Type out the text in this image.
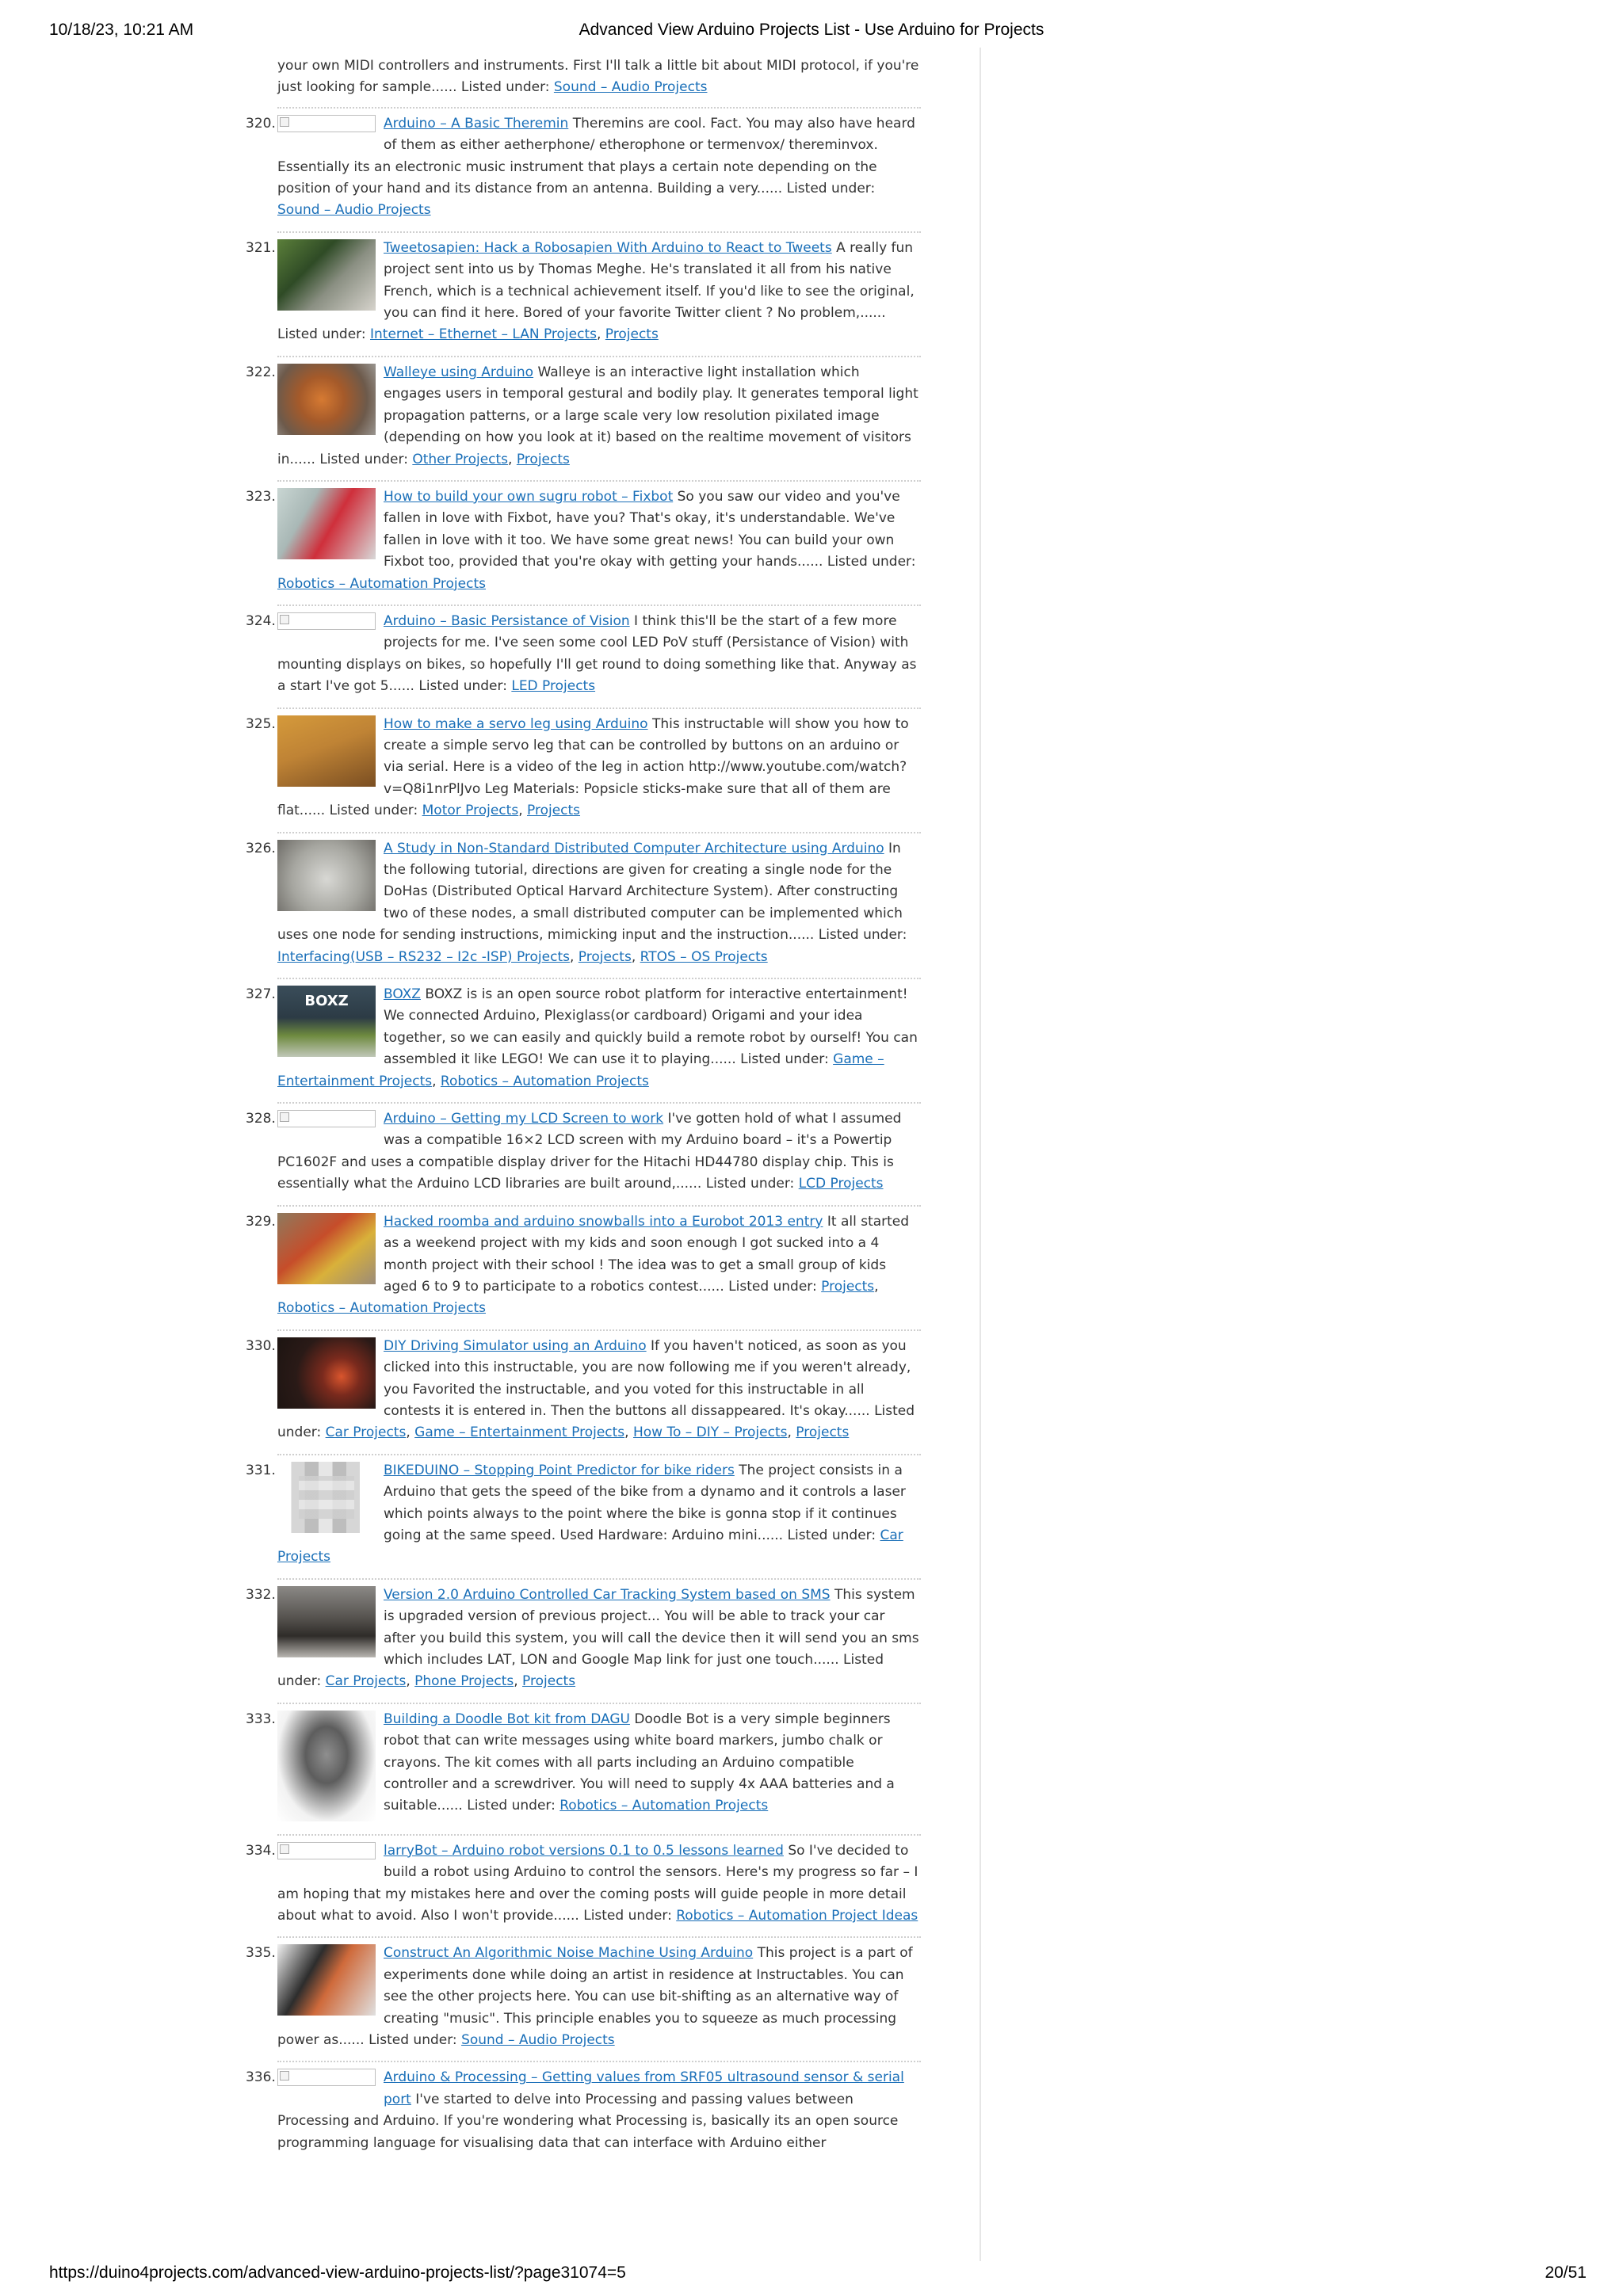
10/18/23, 10:21 AM	Advanced View Arduino Projects List - Use Arduino for Projects

your own MIDI controllers and instruments. First I'll talk a little bit about MIDI protocol, if you're just looking for sample...... Listed under: Sound – Audio Projects

320.	Arduino – A Basic Theremin Theremins are cool. Fact. You may also have heard of them as either aetherphone/ etherophone or termenvox/ thereminvox. Essentially its an electronic music instrument that plays a certain note depending on the position of your hand and its distance from an antenna. Building a very...... Listed under: Sound – Audio Projects
321.	Tweetosapien: Hack a Robosapien With Arduino to React to Tweets A really fun project sent into us by Thomas Meghe. He's translated it all from his native French, which is a technical achievement itself. If you'd like to see the original, you can find it here. Bored of your favorite Twitter client ? No problem,...... Listed under: Internet – Ethernet – LAN Projects, Projects
322.	Walleye using Arduino Walleye is an interactive light installation which engages users in temporal gestural and bodily play. It generates temporal light propagation patterns, or a large scale very low resolution pixilated image (depending on how you look at it) based on the realtime movement of visitors in...... Listed under: Other Projects, Projects
323.	How to build your own sugru robot – Fixbot So you saw our video and you've fallen in love with Fixbot, have you? That's okay, it's understandable. We've fallen in love with it too. We have some great news! You can build your own Fixbot too, provided that you're okay with getting your hands...... Listed under: Robotics – Automation Projects
324.	Arduino – Basic Persistance of Vision I think this'll be the start of a few more projects for me. I've seen some cool LED PoV stuff (Persistance of Vision) with mounting displays on bikes, so hopefully I'll get round to doing something like that. Anyway as a start I've got 5...... Listed under: LED Projects
325.	How to make a servo leg using Arduino This instructable will show you how to create a simple servo leg that can be controlled by buttons on an arduino or via serial. Here is a video of the leg in action http://www.youtube.com/watch?v=Q8i1nrPlJvo Leg Materials: Popsicle sticks-make sure that all of them are flat...... Listed under: Motor Projects, Projects
326.	A Study in Non-Standard Distributed Computer Architecture using Arduino In the following tutorial, directions are given for creating a single node for the DoHas (Distributed Optical Harvard Architecture System). After constructing two of these nodes, a small distributed computer can be implemented which uses one node for sending instructions, mimicking input and the instruction...... Listed under: Interfacing(USB – RS232 – I2c -ISP) Projects, Projects, RTOS – OS Projects
327.	BOXZ	BOXZ BOXZ is is an open source robot platform for interactive entertainment! We connected Arduino, Plexiglass(or cardboard) Origami and your idea together, so we can easily and quickly build a remote robot by ourself! You can assembled it like LEGO! We can use it to playing...... Listed under: Game – Entertainment Projects, Robotics – Automation Projects
328.	Arduino – Getting my LCD Screen to work I've gotten hold of what I assumed was a compatible 16×2 LCD screen with my Arduino board – it's a Powertip PC1602F and uses a compatible display driver for the Hitachi HD44780 display chip. This is essentially what the Arduino LCD libraries are built around,...... Listed under: LCD Projects
329.	Hacked roomba and arduino snowballs into a Eurobot 2013 entry It all started as a weekend project with my kids and soon enough I got sucked into a 4 month project with their school ! The idea was to get a small group of kids aged 6 to 9 to participate to a robotics contest...... Listed under: Projects, Robotics – Automation Projects
330.	DIY Driving Simulator using an Arduino If you haven't noticed, as soon as you clicked into this instructable, you are now following me if you weren't already, you Favorited the instructable, and you voted for this instructable in all contests it is entered in. Then the buttons all dissappeared. It's okay...... Listed under: Car Projects, Game – Entertainment Projects, How To – DIY – Projects, Projects
331.	BIKEDUINO – Stopping Point Predictor for bike riders The project consists in a Arduino that gets the speed of the bike from a dynamo and it controls a laser which points always to the point where the bike is gonna stop if it continues going at the same speed. Used Hardware: Arduino mini...... Listed under: Car Projects
332.	Version 2.0 Arduino Controlled Car Tracking System based on SMS This system is upgraded version of previous project... You will be able to track your car after you build this system, you will call the device then it will send you an sms which includes LAT, LON and Google Map link for just one touch...... Listed under: Car Projects, Phone Projects, Projects
333.	Building a Doodle Bot kit from DAGU Doodle Bot is a very simple beginners robot that can write messages using white board markers, jumbo chalk or crayons. The kit comes with all parts including an Arduino compatible controller and a screwdriver. You will need to supply 4x AAA batteries and a suitable...... Listed under: Robotics – Automation Projects
334.	larryBot – Arduino robot versions 0.1 to 0.5 lessons learned So I've decided to build a robot using Arduino to control the sensors. Here's my progress so far – I am hoping that my mistakes here and over the coming posts will guide people in more detail about what to avoid. Also I won't provide...... Listed under: Robotics – Automation Project Ideas
335.	Construct An Algorithmic Noise Machine Using Arduino This project is a part of experiments done while doing an artist in residence at Instructables. You can see the other projects here. You can use bit-shifting as an alternative way of creating "music". This principle enables you to squeeze as much processing power as...... Listed under: Sound – Audio Projects
336.	Arduino & Processing – Getting values from SRF05 ultrasound sensor & serial port I've started to delve into Processing and passing values between Processing and Arduino. If you're wondering what Processing is, basically its an open source programming language for visualising data that can interface with Arduino either
https://duino4projects.com/advanced-view-arduino-projects-list/?page31074=5	20/51
